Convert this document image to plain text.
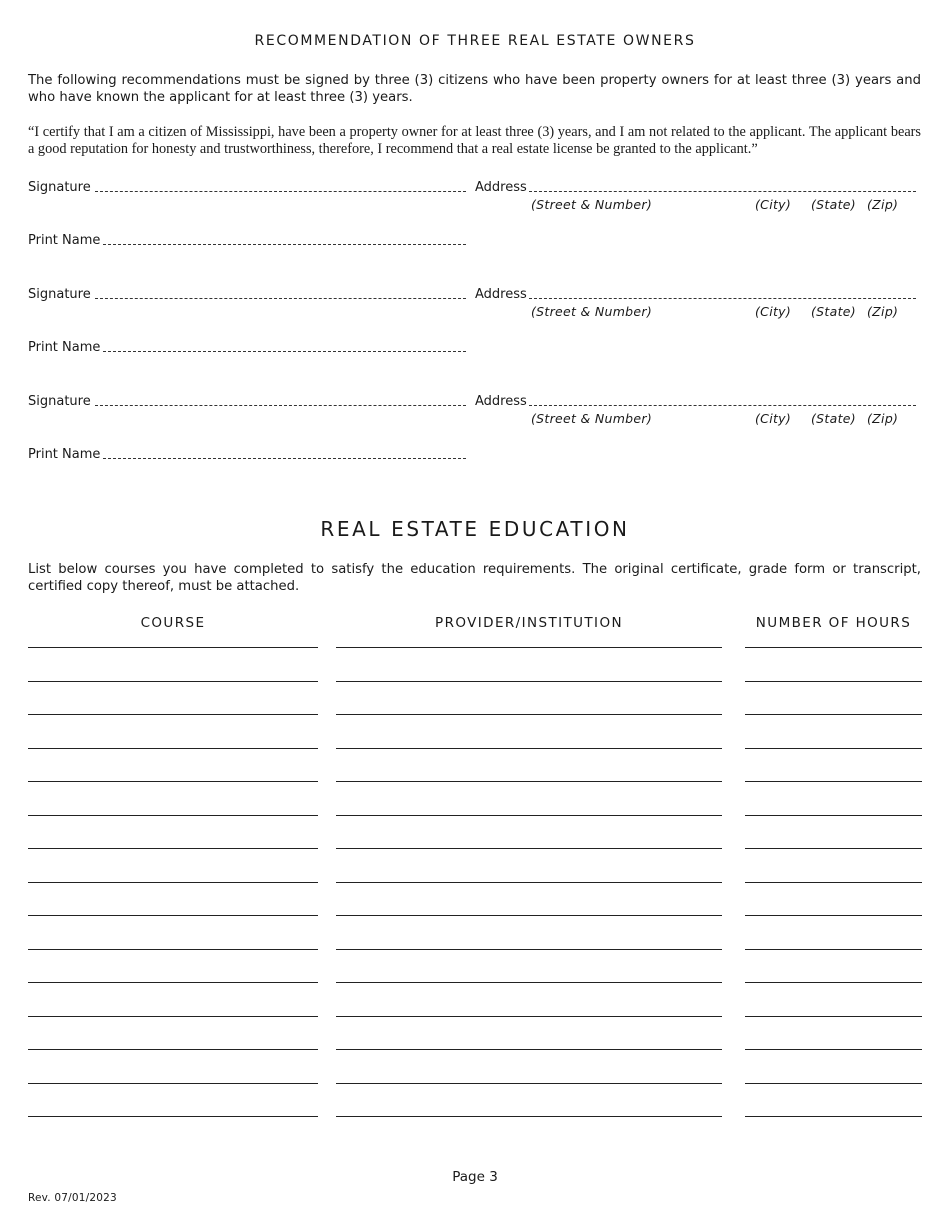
RECOMMENDATION OF THREE REAL ESTATE OWNERS
The following recommendations must be signed by three (3) citizens who have been property owners for at least three (3) years and who have known the applicant for at least three (3) years.
“I certify that I am a citizen of Mississippi, have been a property owner for at least three (3) years, and I am not related to the applicant. The applicant bears a good reputation for honesty and trustworthiness, therefore, I recommend that a real estate license be granted to the applicant.”
Signature	Address
(Street & Number)	(City) (State) (Zip)
Print Name
Signature	Address
(Street & Number)	(City) (State) (Zip)
Print Name
Signature	Address
(Street & Number)	(City) (State) (Zip)
Print Name
REAL ESTATE EDUCATION
List below courses you have completed to satisfy the education requirements. The original certificate, grade form or transcript, certified copy thereof, must be attached.
COURSE	PROVIDER/INSTITUTION	NUMBER OF HOURS
Page 3
Rev. 07/01/2023
